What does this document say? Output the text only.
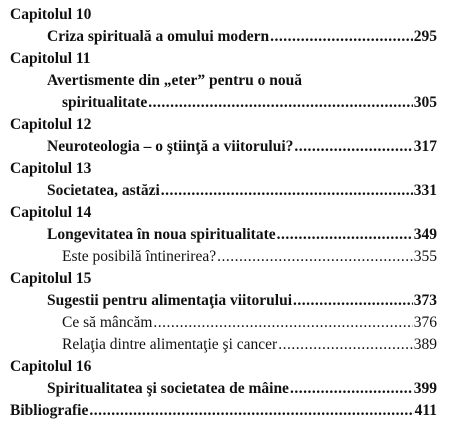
Capitolul 10
Criza spirituală a omului modern .....	295
Capitolul 11
Avertismente din „eter” pentru o nouă
spiritualitate .....	305
Capitolul 12
Neuroteologia – o ştiinţă a viitorului? .....	317
Capitolul 13
Societatea, astăzi .....	331
Capitolul 14
Longevitatea în noua spiritualitate .....	349
Este posibilă întinerirea? .....	355
Capitolul 15
Sugestii pentru alimentaţia viitorului .....	373
Ce să mâncăm .....	376
Relaţia dintre alimentaţie şi cancer .....	389
Capitolul 16
Spiritualitatea şi societatea de mâine .....	399
Bibliografie .....	411
